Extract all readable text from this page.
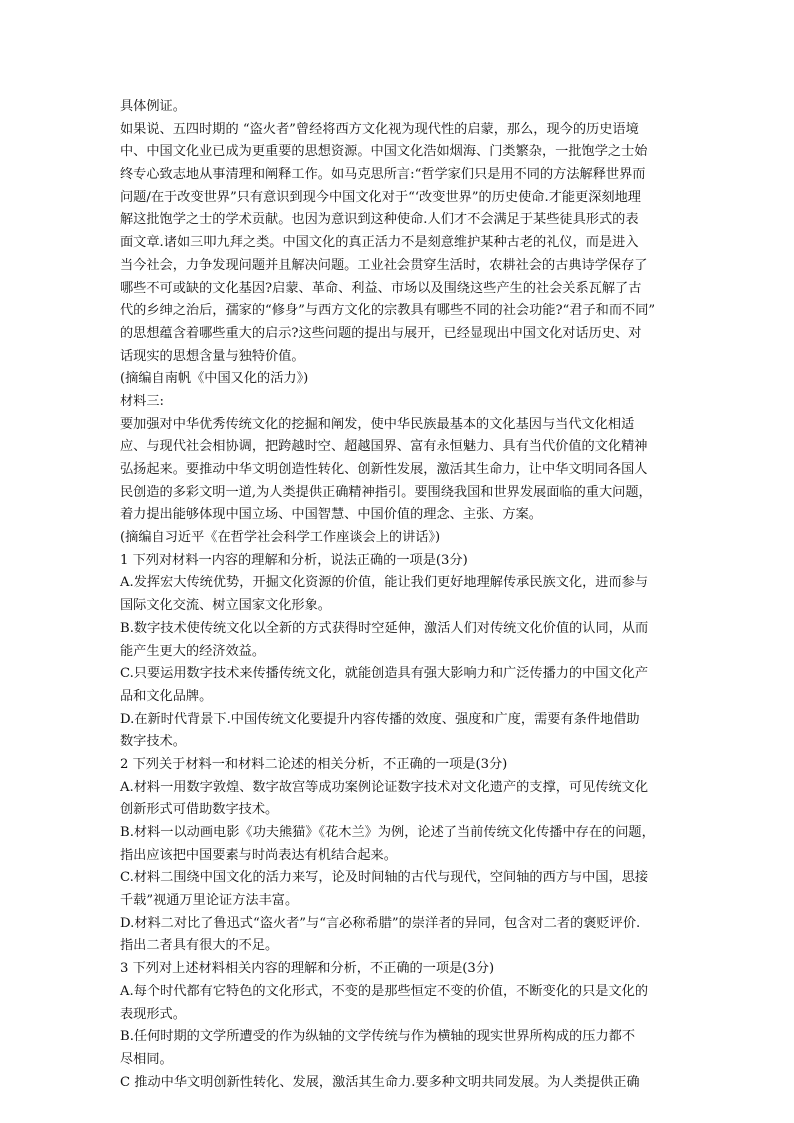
具体例证。
如果说、五四时期的 “盗火者”曾经将西方文化视为现代性的启蒙，那么，现今的历史语境
中、中国文化业已成为更重要的思想资源。中国文化浩如烟海、门类繁杂，一批饱学之士始
终专心致志地从事清理和阐释工作。如马克思所言:“哲学家们只是用不同的方法解释世界而
问题/在于改变世界”只有意识到现今中国文化对于“‘改变世界”的历史使命.才能更深刻地理
解这批饱学之士的学术贡献。也因为意识到这种使命.人们才不会满足于某些徒具形式的表
面文章.诸如三叩九拜之类。中国文化的真正活力不是刻意维护某种古老的礼仪，而是进入
当今社会，力争发现问题并且解决问题。工业社会贯穿生活时，农耕社会的古典诗学保存了
哪些不可或缺的文化基因?启蒙、革命、利益、市场以及围绕这些产生的社会关系瓦解了古
代的乡绅之治后，孺家的“修身”与西方文化的宗教具有哪些不同的社会功能?“君子和而不同”
的思想蕴含着哪些重大的启示?这些问题的提出与展开，已经显现出中国文化对话历史、对
话现实的思想含量与独特价值。
(摘编自南帆《中国又化的活力》)
材料三:
要加强对中华优秀传统文化的挖掘和阐发，使中华民族最基本的文化基因与当代文化相适
应、与现代社会相协调，把跨越时空、超越国界、富有永恒魅力、具有当代价值的文化精神
弘扬起来。要推动中华文明创造性转化、创新性发展，激活其生命力，让中华文明同各国人
民创造的多彩文明一道,为人类提供正确精神指引。要围绕我国和世界发展面临的重大问题，
着力提出能够体现中国立场、中国智慧、中国价值的理念、主张、方案。
(摘编自习近平《在哲学社会科学工作座谈会上的讲话》)
1 下列对材料一内容的理解和分析，说法正确的一项是(3分)
A.发挥宏大传统优势，开掘文化资源的价值，能让我们更好地理解传承民族文化，进而参与
国际文化交流、树立国家文化形象。
B.数字技术使传统文化以全新的方式获得时空延伸，激活人们对传统文化价值的认同，从而
能产生更大的经济效益。
C.只要运用数字技术来传播传统文化，就能创造具有强大影响力和广泛传播力的中国文化产
品和文化品牌。
D.在新时代背景下.中国传统文化要提升内容传播的效度、强度和广度，需要有条件地借助
数字技术。
2 下列关于材料一和材料二论述的相关分析，不正确的一项是(3分)
A.材料一用数字敦煌、数字故宫等成功案例论证数字技术对文化遗产的支撑，可见传统文化
创新形式可借助数字技术。
B.材料一以动画电影《功夫熊猫》《花木兰》为例，论述了当前传统文化传播中存在的问题，
指出应该把中国要素与时尚表达有机结合起来。
C.材料二围绕中国文化的活力来写，论及时间轴的古代与现代，空间轴的西方与中国，思接
千载”视通万里论证方法丰富。
D.材料二对比了鲁迅式“盗火者”与“言必称希腊”的崇洋者的异同，包含对二者的褒贬评价.
指出二者具有很大的不足。
3 下列对上述材料相关内容的理解和分析，不正确的一项是(3分)
A.每个时代都有它特色的文化形式，不变的是那些恒定不变的价值，不断变化的只是文化的
表现形式。
B.任何时期的文学所遭受的作为纵轴的文学传统与作为横轴的现实世界所构成的压力都不
尽相同。
C 推动中华文明创新性转化、发展，激活其生命力.要多种文明共同发展。为人类提供正确
